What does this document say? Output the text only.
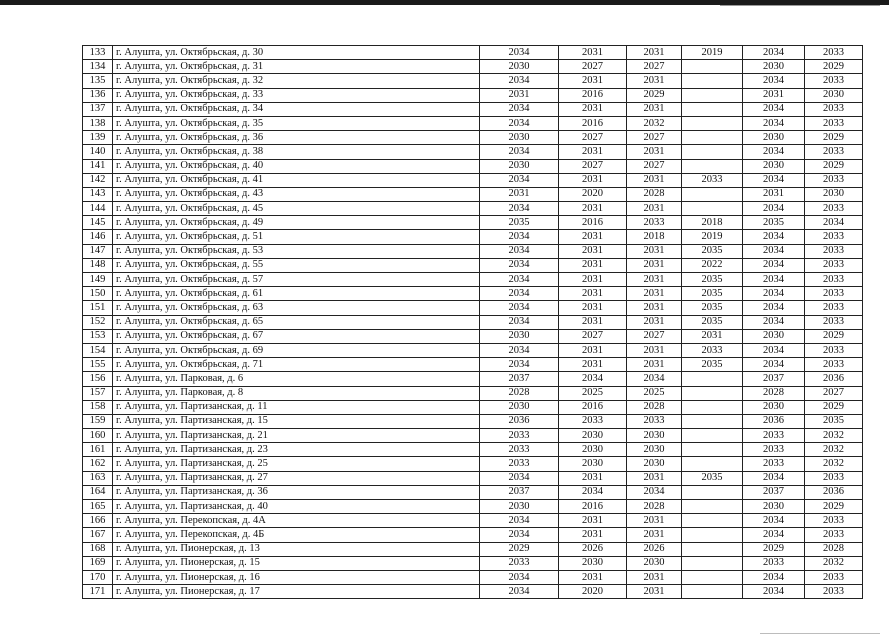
133	г. Алушта, ул. Октябрьская, д. 30	2034	2031	2031	2019	2034	2033
134	г. Алушта, ул. Октябрьская, д. 31	2030	2027	2027		2030	2029
135	г. Алушта, ул. Октябрьская, д. 32	2034	2031	2031		2034	2033
136	г. Алушта, ул. Октябрьская, д. 33	2031	2016	2029		2031	2030
137	г. Алушта, ул. Октябрьская, д. 34	2034	2031	2031		2034	2033
138	г. Алушта, ул. Октябрьская, д. 35	2034	2016	2032		2034	2033
139	г. Алушта, ул. Октябрьская, д. 36	2030	2027	2027		2030	2029
140	г. Алушта, ул. Октябрьская, д. 38	2034	2031	2031		2034	2033
141	г. Алушта, ул. Октябрьская, д. 40	2030	2027	2027		2030	2029
142	г. Алушта, ул. Октябрьская, д. 41	2034	2031	2031	2033	2034	2033
143	г. Алушта, ул. Октябрьская, д. 43	2031	2020	2028		2031	2030
144	г. Алушта, ул. Октябрьская, д. 45	2034	2031	2031		2034	2033
145	г. Алушта, ул. Октябрьская, д. 49	2035	2016	2033	2018	2035	2034
146	г. Алушта, ул. Октябрьская, д. 51	2034	2031	2018	2019	2034	2033
147	г. Алушта, ул. Октябрьская, д. 53	2034	2031	2031	2035	2034	2033
148	г. Алушта, ул. Октябрьская, д. 55	2034	2031	2031	2022	2034	2033
149	г. Алушта, ул. Октябрьская, д. 57	2034	2031	2031	2035	2034	2033
150	г. Алушта, ул. Октябрьская, д. 61	2034	2031	2031	2035	2034	2033
151	г. Алушта, ул. Октябрьская, д. 63	2034	2031	2031	2035	2034	2033
152	г. Алушта, ул. Октябрьская, д. 65	2034	2031	2031	2035	2034	2033
153	г. Алушта, ул. Октябрьская, д. 67	2030	2027	2027	2031	2030	2029
154	г. Алушта, ул. Октябрьская, д. 69	2034	2031	2031	2033	2034	2033
155	г. Алушта, ул. Октябрьская, д. 71	2034	2031	2031	2035	2034	2033
156	г. Алушта, ул. Парковая, д. 6	2037	2034	2034		2037	2036
157	г. Алушта, ул. Парковая, д. 8	2028	2025	2025		2028	2027
158	г. Алушта, ул. Партизанская, д. 11	2030	2016	2028		2030	2029
159	г. Алушта, ул. Партизанская, д. 15	2036	2033	2033		2036	2035
160	г. Алушта, ул. Партизанская, д. 21	2033	2030	2030		2033	2032
161	г. Алушта, ул. Партизанская, д. 23	2033	2030	2030		2033	2032
162	г. Алушта, ул. Партизанская, д. 25	2033	2030	2030		2033	2032
163	г. Алушта, ул. Партизанская, д. 27	2034	2031	2031	2035	2034	2033
164	г. Алушта, ул. Партизанская, д. 36	2037	2034	2034		2037	2036
165	г. Алушта, ул. Партизанская, д. 40	2030	2016	2028		2030	2029
166	г. Алушта, ул. Перекопская, д. 4А	2034	2031	2031		2034	2033
167	г. Алушта, ул. Перекопская, д. 4Б	2034	2031	2031		2034	2033
168	г. Алушта, ул. Пионерская, д. 13	2029	2026	2026		2029	2028
169	г. Алушта, ул. Пионерская, д. 15	2033	2030	2030		2033	2032
170	г. Алушта, ул. Пионерская, д. 16	2034	2031	2031		2034	2033
171	г. Алушта, ул. Пионерская, д. 17	2034	2020	2031		2034	2033
